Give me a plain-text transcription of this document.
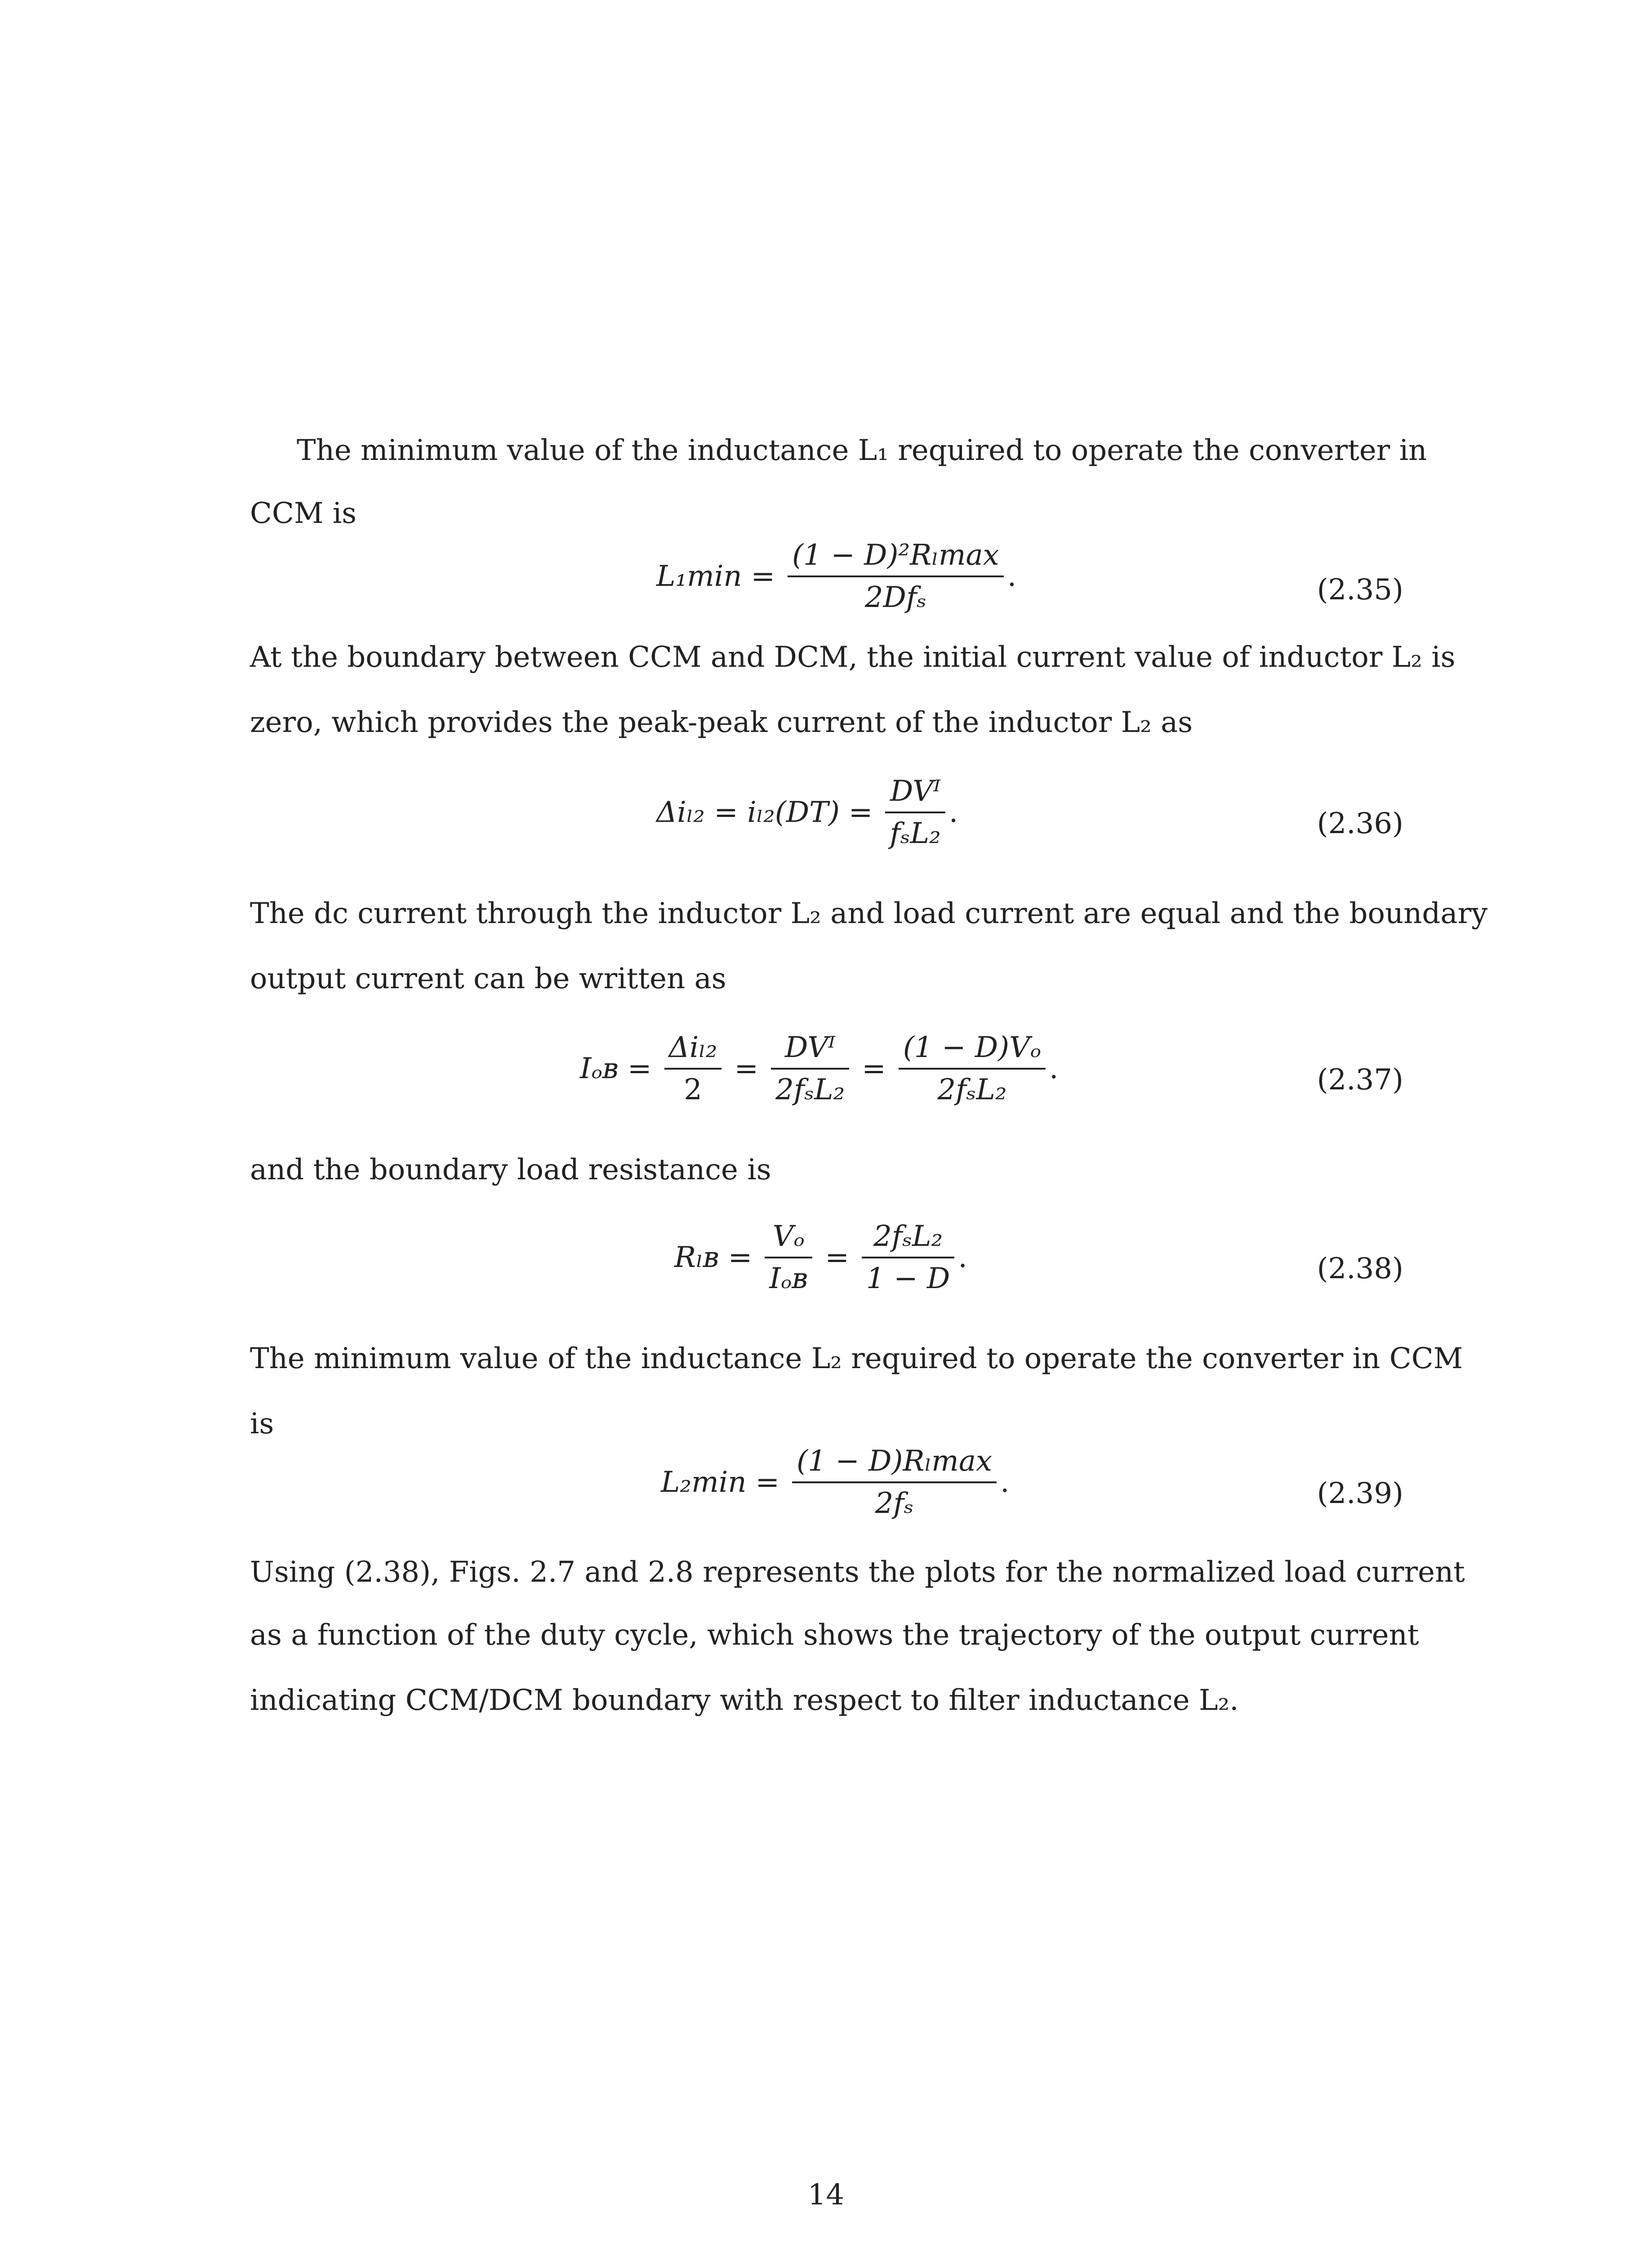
The minimum value of the inductance L₁ required to operate the converter in
CCM is
$L_1\min = \frac{\text{(1 − D)²Rₗmax}}{\text{2Dfₛ}}$ .	(2.35)
At the boundary between CCM and DCM, the initial current value of inductor L₂ is
zero, which provides the peak-peak current of the inductor L₂ as
$\Delta i_{l2} = i_{l2}(DT) = \frac{\text{DVᴵ}}{\text{fₛL₂}}$ .	(2.36)
The dc current through the inductor L₂ and load current are equal and the boundary
output current can be written as
Iₒʙ = $\frac{\text{Δiₗ₂}}{2} = \frac{\text{DVᴵ}}{\text{2fₛL₂}} = \frac{\text{(1 − D)Vₒ}}{\text{2fₛL₂}}$ .	(2.37)
and the boundary load resistance is
Rₗʙ = $\frac{\text{Vₒ}}{\text{Iₒʙ}} = \frac{\text{2fₛL₂}}{1 - D}$ .	(2.38)
The minimum value of the inductance L₂ required to operate the converter in CCM
is
$L_2\min = \frac{\text{(1 − D)Rₗmax}}{\text{2fₛ}}$ .	(2.39)
Using (2.38), Figs. 2.7 and 2.8 represents the plots for the normalized load current
as a function of the duty cycle, which shows the trajectory of the output current
indicating CCM/DCM boundary with respect to filter inductance L₂.
14
